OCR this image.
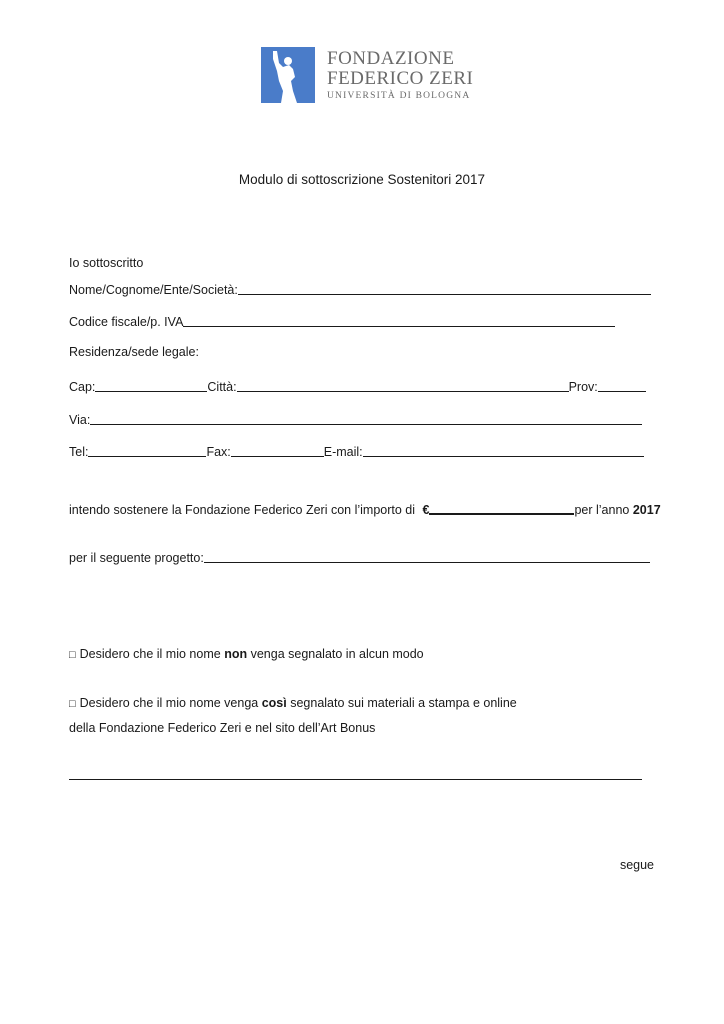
FONDAZIONE
FEDERICO ZERI
UNIVERSITÀ DI BOLOGNA
Modulo di sottoscrizione Sostenitori 2017
Io sottoscritto
Nome/Cognome/Ente/Società:
Codice fiscale/p. IVA
Residenza/sede legale:
Cap:	Città:	Prov:
Via:
Tel:	Fax:	E-mail:
intendo sostenere la Fondazione Federico Zeri con l’importo di €	per l’anno 2017
per il seguente progetto:
□ Desidero che il mio nome non venga segnalato in alcun modo
□ Desidero che il mio nome venga così segnalato sui materiali a stampa e online
della Fondazione Federico Zeri e nel sito dell’Art Bonus
segue
